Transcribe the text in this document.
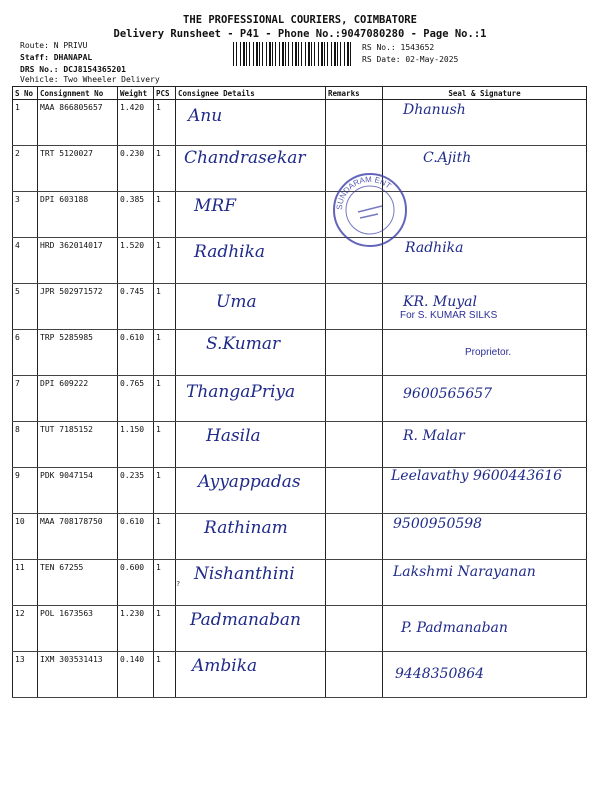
THE PROFESSIONAL COURIERS, COIMBATORE
Delivery Runsheet - P41 - Phone No.:9047080280 - Page No.:1
Route: N PRIVU
Staff: DHANAPAL
DRS No.: DCJ8154365201
Vehicle: Two Wheeler Delivery
RS No.: 1543652
RS Date: 02-May-2025
S No	Consignment No	Weight	PCS	Consignee Details	Remarks	Seal & Signature
1	MAA 866805657	1.420	1	Anu		Dhanush

2	TRT 5120027	0.230	1	Chandrasekar		C.Ajith

3	DPI 603188	0.385	1	MRF		

4	HRD 362014017	1.520	1	Radhika		Radhika

5	JPR 502971572	0.745	1	Uma		KR. Muyal

6	TRP 5285985	0.610	1	S.Kumar		

7	DPI 609222	0.765	1	ThangaPriya		9600565657

8	TUT 7185152	1.150	1	Hasila		R. Malar

9	PDK 9047154	0.235	1	Ayyappadas		Leelavathy 9600443616

10	MAA 708178750	0.610	1	Rathinam		9500950598

11	TEN 67255	0.600	1	Nishanthini		Lakshmi Narayanan

12	POL 1673563	1.230	1	Padmanaban		P. Padmanaban

13	IXM 303531413	0.140	1	Ambika		9448350864
SUNDARAM ENT
For S. KUMAR SILKS
Proprietor.
?
